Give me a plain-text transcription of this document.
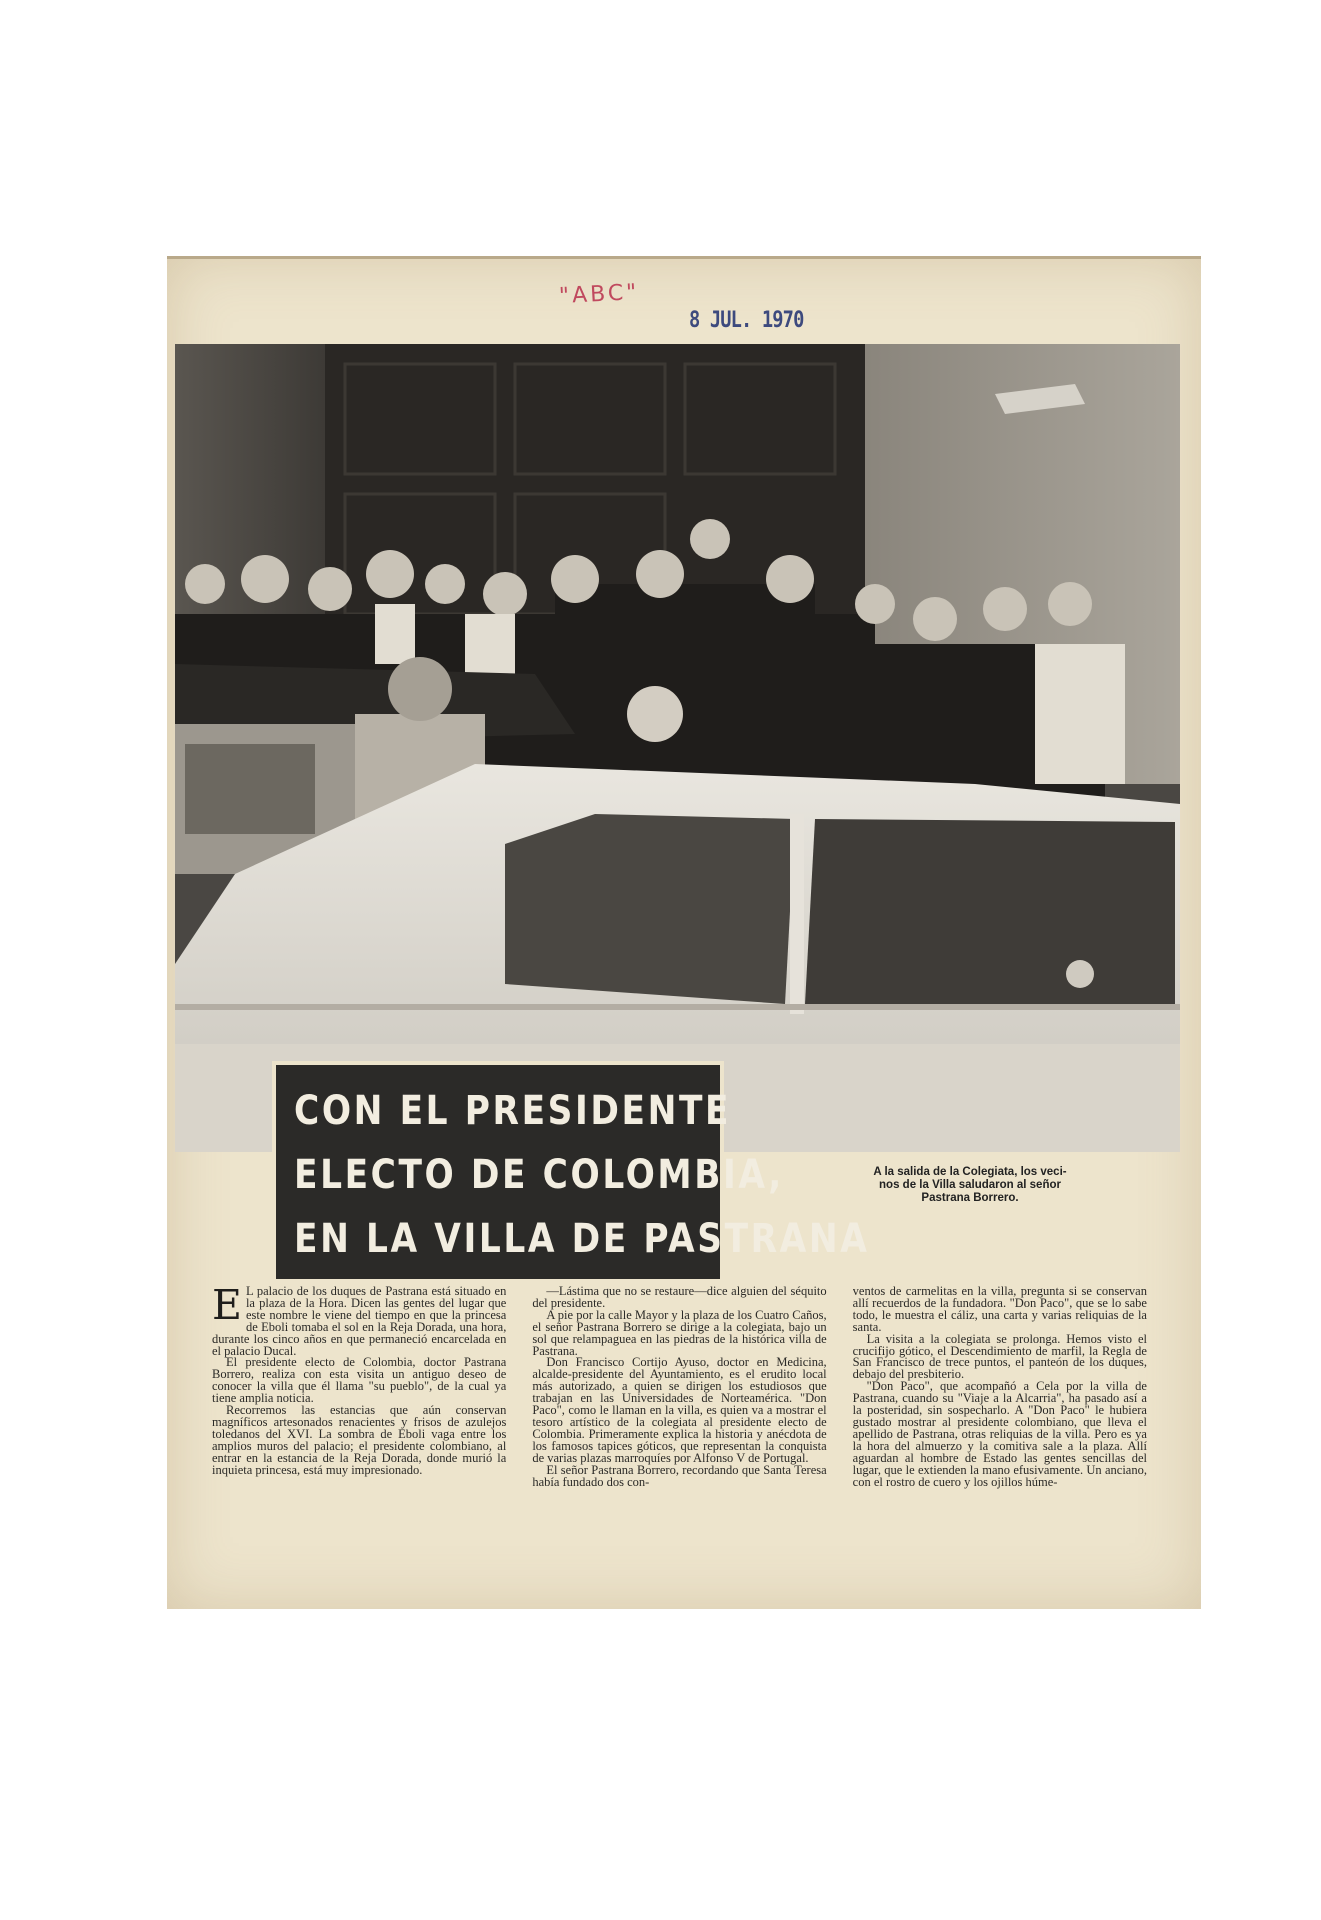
"ABC"
8 JUL. 1970
CON EL PRESIDENTE
ELECTO DE COLOMBIA,
EN LA VILLA DE PASTRANA
A la salida de la Colegiata, los veci-
nos de la Villa saludaron al señor
Pastrana Borrero.

E L palacio de los duques de Pastrana está situado en la plaza de la Hora. Dicen las gentes del lugar que este nombre le viene del tiempo en que la princesa de Eboli tomaba el sol en la Reja Dorada, una hora, durante los cinco años en que permaneció encarcelada en el palacio Ducal.

El presidente electo de Colombia, doctor Pastrana Borrero, realiza con esta visita un antiguo deseo de conocer la villa que él llama "su pueblo", de la cual ya tiene amplia noticia.

Recorremos las estancias que aún conservan magníficos artesonados renacientes y frisos de azulejos toledanos del XVI. La sombra de Eboli vaga entre los amplios muros del palacio; el presidente colombiano, al entrar en la estancia de la Reja Dorada, donde murió la inquieta princesa, está muy impresionado.

—Lástima que no se restaure—dice alguien del séquito del presidente.

A pie por la calle Mayor y la plaza de los Cuatro Caños, el señor Pastrana Borrero se dirige a la colegiata, bajo un sol que relampaguea en las piedras de la histórica villa de Pastrana.

Don Francisco Cortijo Ayuso, doctor en Medicina, alcalde-presidente del Ayuntamiento, es el erudito local más autorizado, a quien se dirigen los estudiosos que trabajan en las Universidades de Norteamérica. "Don Paco", como le llaman en la villa, es quien va a mostrar el tesoro artístico de la colegiata al presidente electo de Colombia. Primeramente explica la historia y anécdota de los famosos tapices góticos, que representan la conquista de varias plazas marroquíes por Alfonso V de Portugal.

El señor Pastrana Borrero, recordando que Santa Teresa había fundado dos con-

ventos de carmelitas en la villa, pregunta si se conservan allí recuerdos de la fundadora. "Don Paco", que se lo sabe todo, le muestra el cáliz, una carta y varias reliquias de la santa.

La visita a la colegiata se prolonga. Hemos visto el crucifijo gótico, el Descendimiento de marfil, la Regla de San Francisco de trece puntos, el panteón de los duques, debajo del presbiterio.

"Don Paco", que acompañó a Cela por la villa de Pastrana, cuando su "Viaje a la Alcarria", ha pasado así a la posteridad, sin sospecharlo. A "Don Paco" le hubiera gustado mostrar al presidente colombiano, que lleva el apellido de Pastrana, otras reliquias de la villa. Pero es ya la hora del almuerzo y la comitiva sale a la plaza. Allí aguardan al hombre de Estado las gentes sencillas del lugar, que le extienden la mano efusivamente. Un anciano, con el rostro de cuero y los ojillos húme-
